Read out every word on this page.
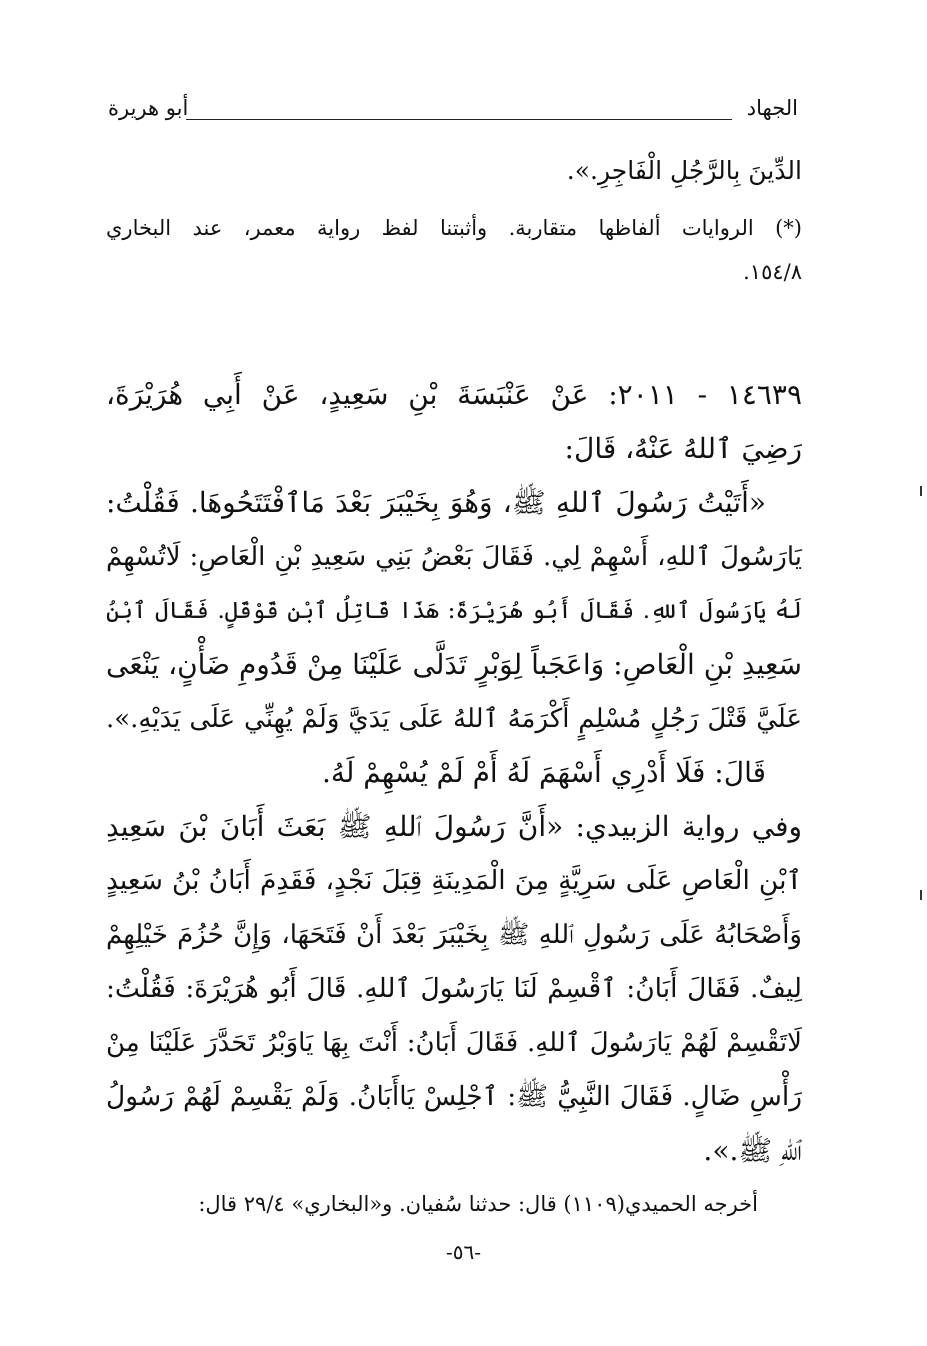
الجهاد
أبو هريرة
الدِّينَ بِالرَّجُلِ الْفَاجِرِ.».
(*) الروايات ألفاظها متقاربة. وأثبتنا لفظ رواية معمر، عند البخاري
١٥٤/٨.
١٤٦٣٩ - ٢٠١١: عَنْ عَنْبَسَةَ بْنِ سَعِيدٍ، عَنْ أَبِي هُرَيْرَةَ،
رَضِيَ ٱللهُ عَنْهُ، قَالَ:
«أَتَيْتُ رَسُولَ ٱللهِ ﷺ، وَهُوَ بِخَيْبَرَ بَعْدَ مَاٱفْتَتَحُوهَا. فَقُلْتُ:
يَارَسُولَ ٱللهِ، أَسْهِمْ لِي. فَقَالَ بَعْضُ بَنِي سَعِيدِ بْنِ الْعَاصِ: لَاتُسْهِمْ
لَهُ يَارَسُولَ ٱللهِ. فَقَالَ أَبُو هُرَيْرَةَ: هَذَا قَاتِلُ ٱبْنِ قَوْقَلٍ. فَقَالَ ٱبْنُ
سَعِيدِ بْنِ الْعَاصِ: وَاعَجَباً لِوَبْرٍ تَدَلَّى عَلَيْنَا مِنْ قَدُومِ ضَأْنٍ، يَنْعَى
عَلَيَّ قَتْلَ رَجُلٍ مُسْلِمٍ أَكْرَمَهُ ٱللهُ عَلَى يَدَيَّ وَلَمْ يُهِنِّي عَلَى يَدَيْهِ.».
قَالَ: فَلَا أَدْرِي أَسْهَمَ لَهُ أَمْ لَمْ يُسْهِمْ لَهُ.
وفي رواية الزبيدي: «أَنَّ رَسُولَ ٱللهِ ﷺ بَعَثَ أَبَانَ بْنَ سَعِيدِ
ٱبْنِ الْعَاصِ عَلَى سَرِيَّةٍ مِنَ الْمَدِينَةِ قِبَلَ نَجْدٍ، فَقَدِمَ أَبَانُ بْنُ سَعِيدٍ
وَأَصْحَابُهُ عَلَى رَسُولِ ٱللهِ ﷺ بِخَيْبَرَ بَعْدَ أَنْ فَتَحَهَا، وَإِنَّ حُزُمَ خَيْلِهِمْ
لِيفٌ. فَقَالَ أَبَانُ: ٱقْسِمْ لَنَا يَارَسُولَ ٱللهِ. قَالَ أَبُو هُرَيْرَةَ: فَقُلْتُ:
لَاتَقْسِمْ لَهُمْ يَارَسُولَ ٱللهِ. فَقَالَ أَبَانُ: أَنْتَ بِهَا يَاوَبْرُ تَحَدَّرَ عَلَيْنَا مِنْ
رَأْسِ ضَالٍ. فَقَالَ النَّبِيُّ ﷺ: ٱجْلِسْ يَاأَبَانُ. وَلَمْ يَقْسِمْ لَهُمْ رَسُولُ
ٱللهِ ﷺ.».
أخرجه الحميدي(١١٠٩) قال: حدثنا سُفيان. و«البخاري» ٢٩/٤ قال:
-٥٦-
